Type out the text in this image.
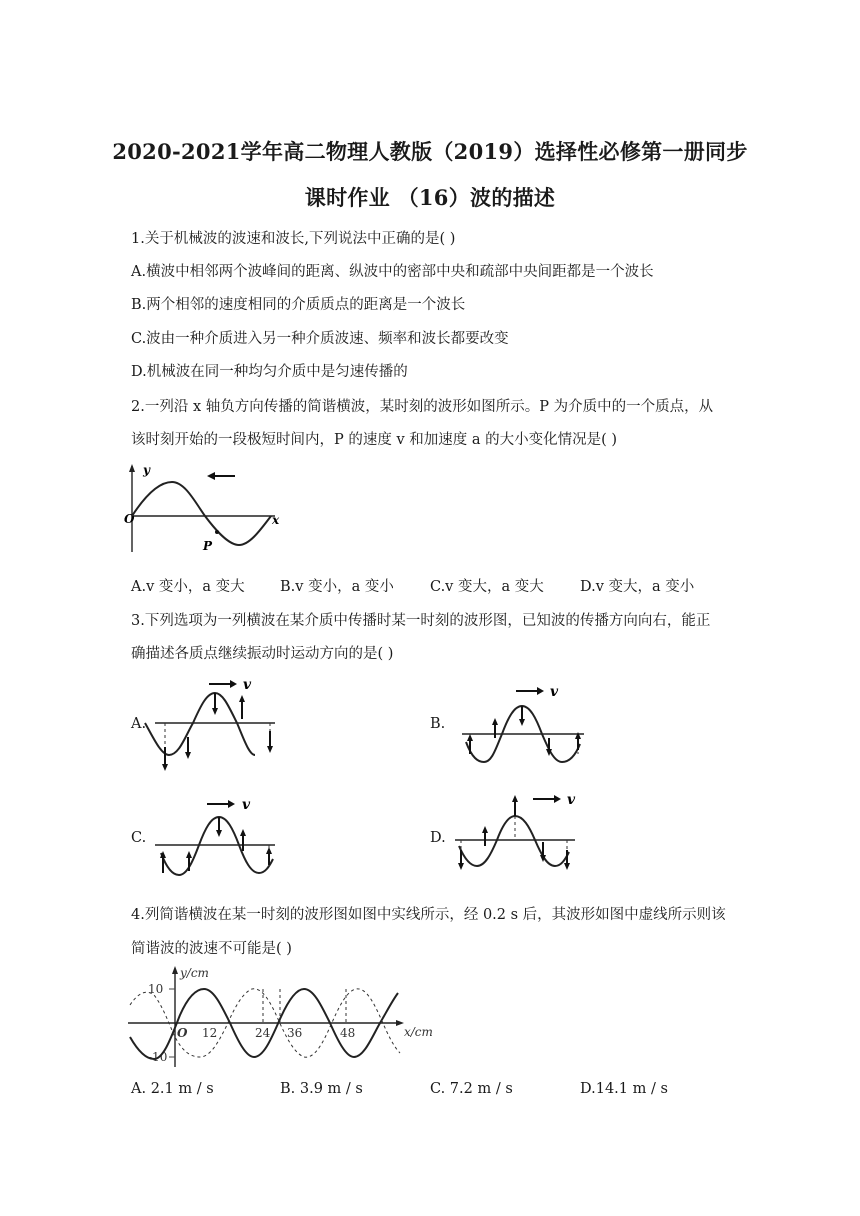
2020-2021学年高二物理人教版（2019）选择性必修第一册同步
课时作业 （16）波的描述
1.关于机械波的波速和波长,下列说法中正确的是( )
A.横波中相邻两个波峰间的距离、纵波中的密部中央和疏部中央间距都是一个波长
B.两个相邻的速度相同的介质质点的距离是一个波长
C.波由一种介质进入另一种介质波速、频率和波长都要改变
D.机械波在同一种均匀介质中是匀速传播的
2.一列沿 x 轴负方向传播的简谐横波，某时刻的波形如图所示。P 为介质中的一个质点，从
该时刻开始的一段极短时间内，P 的速度 v 和加速度 a 的大小变化情况是( )
y
x
O
P
A.v 变小，a 变大 B.v 变小，a 变小 C.v 变大，a 变大	D.v 变大，a 变小
3.下列选项为一列横波在某介质中传播时某一时刻的波形图，已知波的传播方向向右，能正
确描述各质点继续振动时运动方向的是( )
A.
v
B.
v
C.
v
D.
v
4.列简谐横波在某一时刻的波形图如图中实线所示，经 0.2 s 后，其波形如图中虚线所示则该
简谐波的波速不可能是( )
y/cm
x/cm
10
-10
O 12	24 36	48
A. 2.1 m / s	B. 3.9 m / s	C. 7.2 m / s	D.14.1 m / s
